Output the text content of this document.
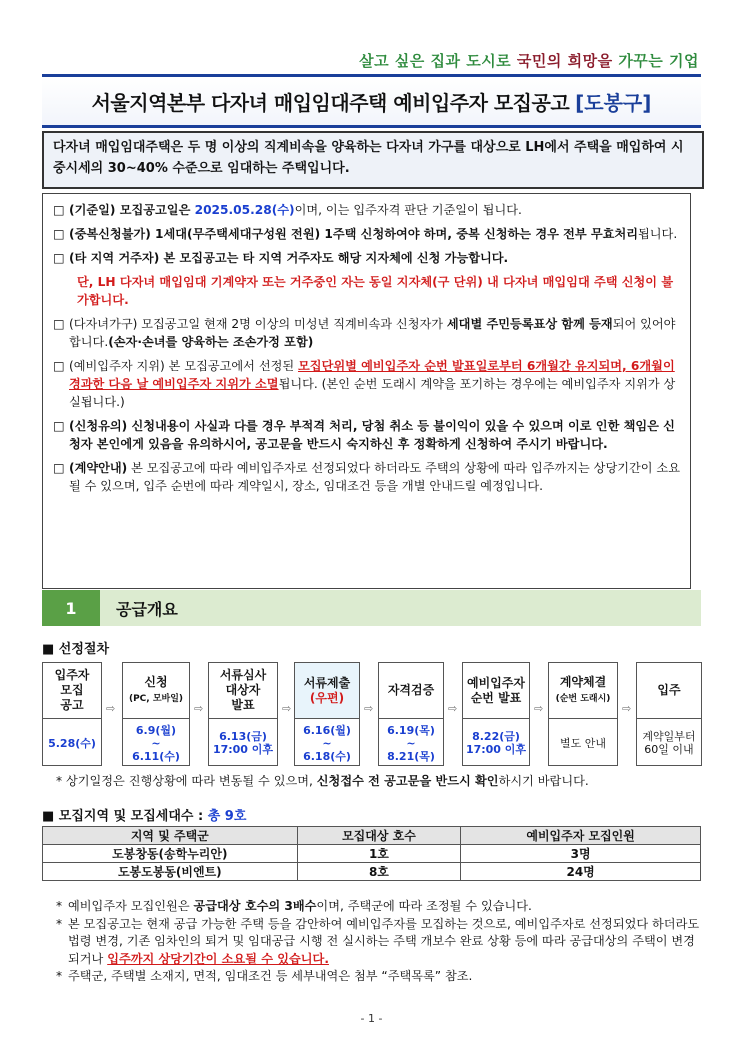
살고 싶은 집과 도시로 국민의 희망을 가꾸는 기업
서울지역본부 다자녀 매입임대주택 예비입주자 모집공고 [도봉구]
다자녀 매입임대주택은 두 명 이상의 직계비속을 양육하는 다자녀 가구를 대상으로 LH에서 주택을 매입하여 시중시세의 30~40% 수준으로 임대하는 주택입니다.
□ (기준일) 모집공고일은 2025.05.28(수)이며, 이는 입주자격 판단 기준일이 됩니다.
□ (중복신청불가) 1세대(무주택세대구성원 전원) 1주택 신청하여야 하며, 중복 신청하는 경우 전부 무효처리됩니다.
□ (타 지역 거주자) 본 모집공고는 타 지역 거주자도 해당 지자체에 신청 가능합니다.
단, LH 다자녀 매입임대 기계약자 또는 거주중인 자는 동일 지자체(구 단위) 내 다자녀 매입임대 주택 신청이 불가합니다.
□ (다자녀가구) 모집공고일 현재 2명 이상의 미성년 직계비속과 신청자가 세대별 주민등록표상 함께 등재되어 있어야 합니다.(손자·손녀를 양육하는 조손가정 포함)
□ (예비입주자 지위) 본 모집공고에서 선정된 모집단위별 예비입주자 순번 발표일로부터 6개월간 유지되며, 6개월이 경과한 다음 날 예비입주자 지위가 소멸됩니다. (본인 순번 도래시 계약을 포기하는 경우에는 예비입주자 지위가 상실됩니다.)
□ (신청유의) 신청내용이 사실과 다를 경우 부적격 처리, 당첨 취소 등 불이익이 있을 수 있으며 이로 인한 책임은 신청자 본인에게 있음을 유의하시어, 공고문을 반드시 숙지하신 후 정확하게 신청하여 주시기 바랍니다.
□ (계약안내) 본 모집공고에 따라 예비입주자로 선정되었다 하더라도 주택의 상황에 따라 입주까지는 상당기간이 소요될 수 있으며, 입주 순번에 따라 계약일시, 장소, 임대조건 등을 개별 안내드릴 예정입니다.
1	공급개요
■ 선정절차
입주자
모집
공고
5.28(수)
⇨
신청
(PC, 모바일)
6.9(월)
~
6.11(수)
⇨
서류심사
대상자
발표
6.13(금)
17:00 이후
⇨
서류제출
(우편)
6.16(월)
~
6.18(수)
⇨
자격검증
6.19(목)
~
8.21(목)
⇨
예비입주자
순번 발표
8.22(금)
17:00 이후
⇨
계약체결
(순번 도래시)
별도 안내
⇨
입주
계약일부터
60일 이내
* 상기일정은 진행상황에 따라 변동될 수 있으며, 신청접수 전 공고문을 반드시 확인하시기 바랍니다.
■ 모집지역 및 모집세대수 : 총 9호
지역 및 주택군	모집대상 호수	예비입주자 모집인원
도봉창동(송학누리안)	1호	3명
도봉도봉동(비엔트)	8호	24명
* 예비입주자 모집인원은 공급대상 호수의 3배수이며, 주택군에 따라 조정될 수 있습니다.
* 본 모집공고는 현재 공급 가능한 주택 등을 감안하여 예비입주자를 모집하는 것으로, 예비입주자로 선정되었다 하더라도 법령 변경, 기존 임차인의 퇴거 및 임대공급 시행 전 실시하는 주택 개보수 완료 상황 등에 따라 공급대상의 주택이 변경되거나 입주까지 상당기간이 소요될 수 있습니다.
* 주택군, 주택별 소재지, 면적, 임대조건 등 세부내역은 첨부 “주택목록” 참조.
- 1 -
